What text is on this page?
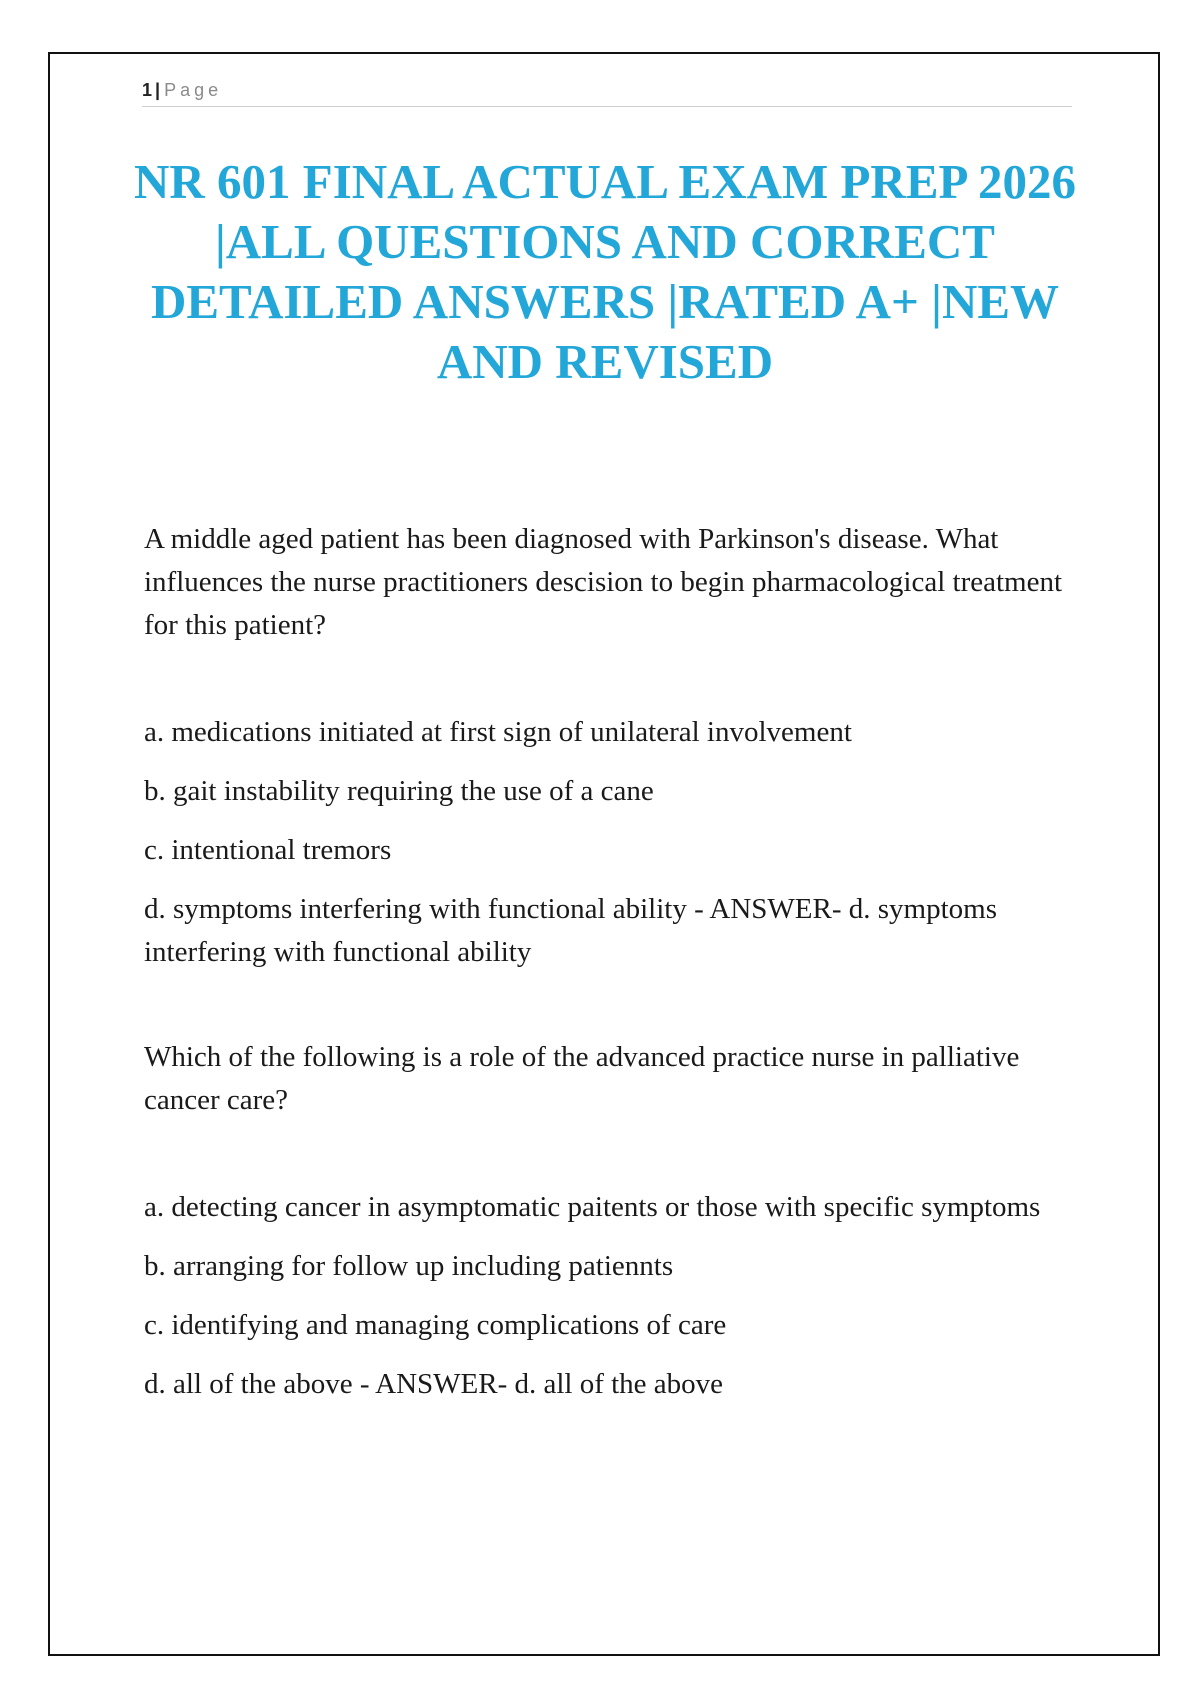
1 | Page
NR 601 FINAL ACTUAL EXAM PREP 2026 |ALL QUESTIONS AND CORRECT DETAILED ANSWERS |RATED A+ |NEW AND REVISED

A middle aged patient has been diagnosed with Parkinson's disease. What influences the nurse practitioners descision to begin pharmacological treatment for this patient?

a. medications initiated at first sign of unilateral involvement

b. gait instability requiring the use of a cane

c. intentional tremors

d. symptoms interfering with functional ability - ANSWER- d. symptoms interfering with functional ability

Which of the following is a role of the advanced practice nurse in palliative cancer care?

a. detecting cancer in asymptomatic paitents or those with specific symptoms

b. arranging for follow up including patiennts

c. identifying and managing complications of care

d. all of the above - ANSWER- d. all of the above
